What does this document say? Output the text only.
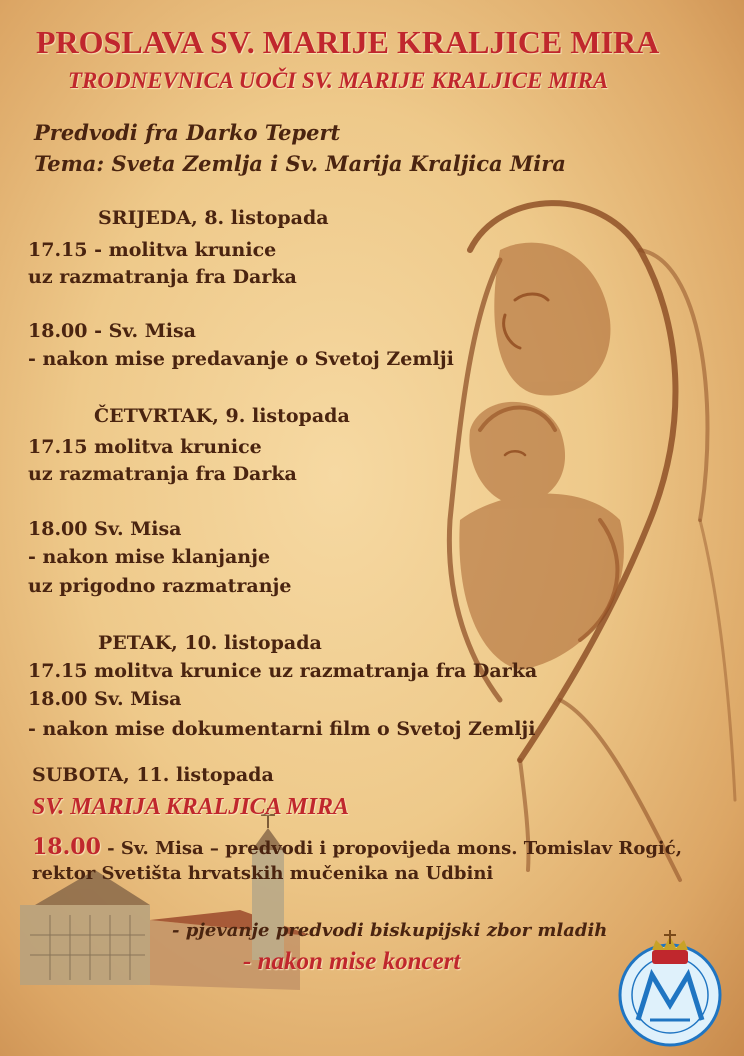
PROSLAVA SV. MARIJE KRALJICE MIRA

TRODNEVNICA UOČI SV. MARIJE KRALJICE MIRA

Predvodi fra Darko Tepert

Tema: Sveta Zemlja i Sv. Marija Kraljica Mira

SRIJEDA, 8. listopada

17.15 - molitva krunice

uz razmatranja fra Darka

18.00 - Sv. Misa

- nakon mise predavanje o Svetoj Zemlji

ČETVRTAK, 9. listopada

17.15 molitva krunice

uz razmatranja fra Darka

18.00 Sv. Misa

- nakon mise klanjanje

uz prigodno razmatranje

PETAK, 10. listopada

17.15 molitva krunice uz razmatranja fra Darka

18.00 Sv. Misa

- nakon mise dokumentarni film o Svetoj Zemlji

SUBOTA, 11. listopada

SV. MARIJA KRALJICA MIRA

18.00 - Sv. Misa – predvodi i propovijeda mons. Tomislav Rogić,

rektor Svetišta hrvatskih mučenika na Udbini

- pjevanje predvodi biskupijski zbor mladih

- nakon mise koncert
